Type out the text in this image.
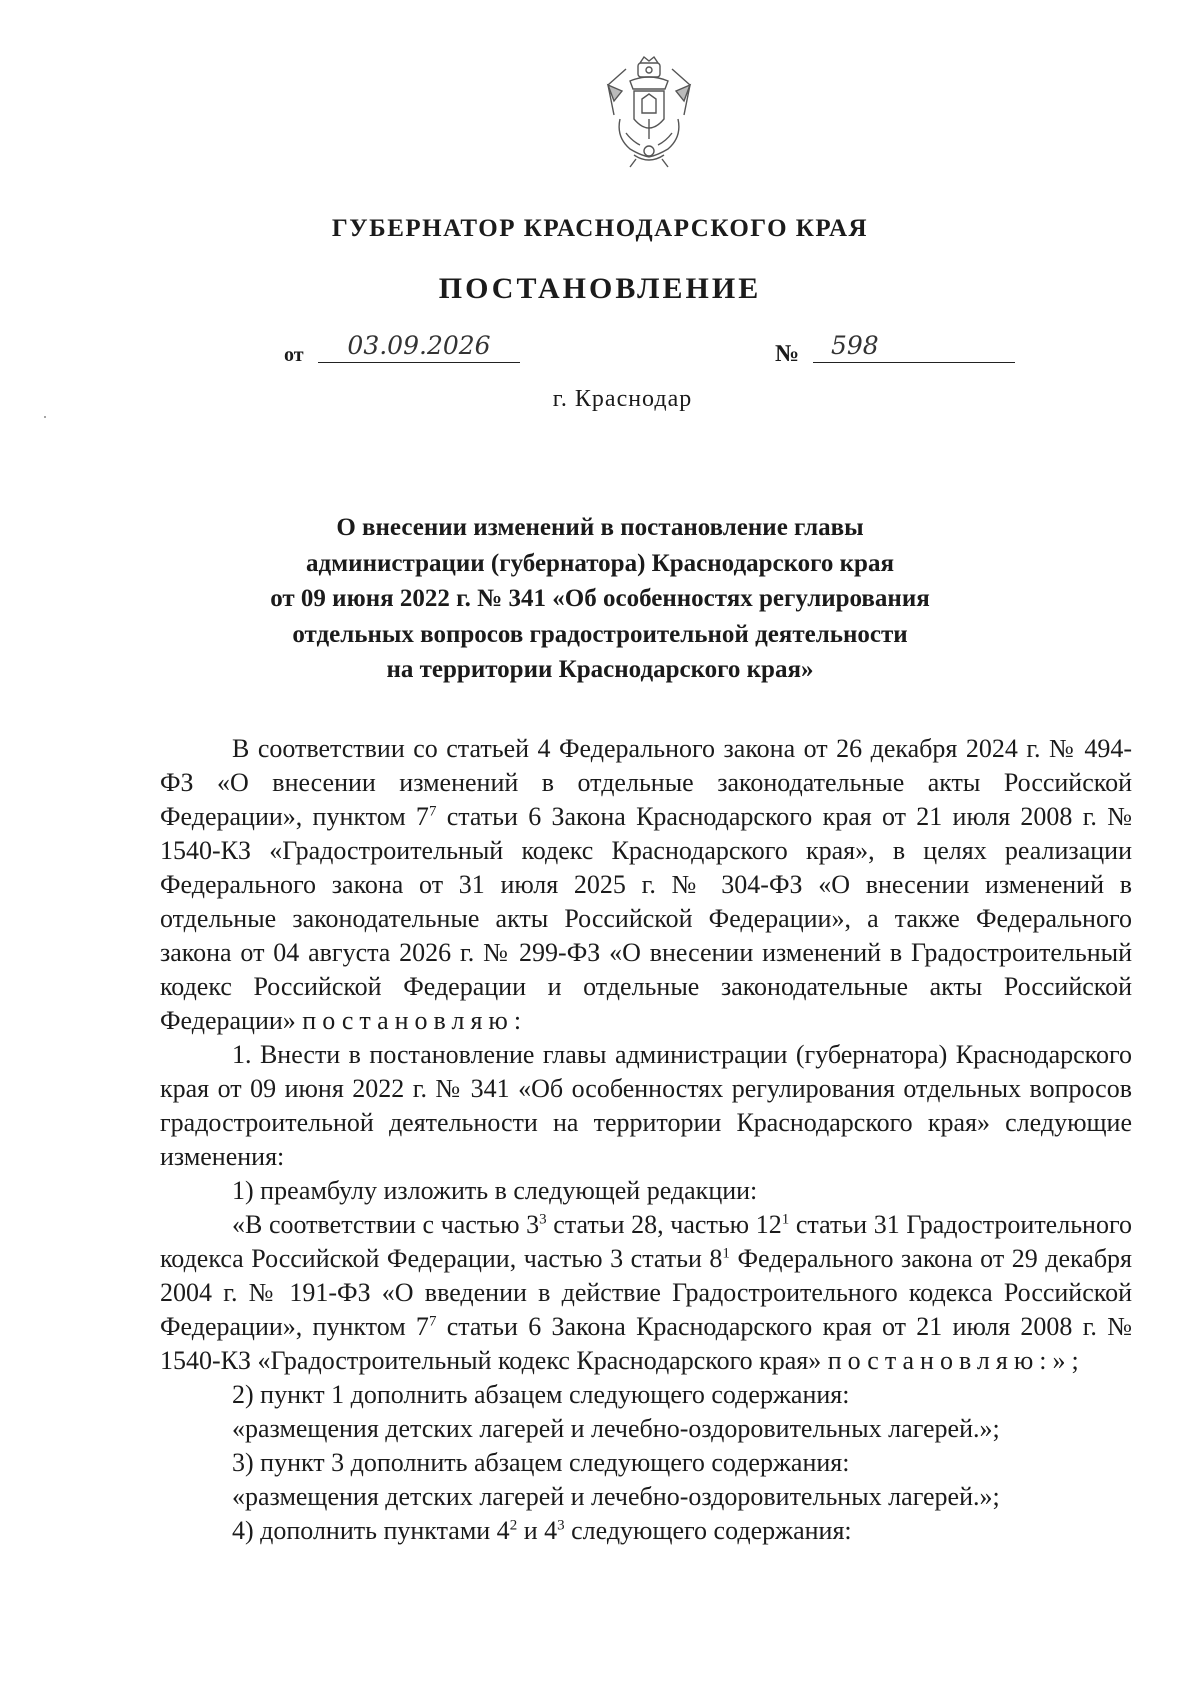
ГУБЕРНАТОР КРАСНОДАРСКОГО КРАЯ
ПОСТАНОВЛЕНИЕ
от	03.09.2026	№	598
г. Краснодар
О внесении изменений в постановление главы
администрации (губернатора) Краснодарского края
от 09 июня 2022 г. № 341 «Об особенностях регулирования
отдельных вопросов градостроительной деятельности
на территории Краснодарского края»

В соответствии со статьей 4 Федерального закона от 26 декабря 2024 г. № 494-ФЗ «О внесении изменений в отдельные законодательные акты Российской Федерации», пунктом $7^7$ статьи 6 Закона Краснодарского края от 21 июля 2008 г. № 1540-КЗ «Градостроительный кодекс Краснодарского края», в целях реализации Федерального закона от 31 июля 2025 г. № 304-ФЗ «О внесении изменений в отдельные законодательные акты Российской Федерации», а также Федерального закона от 04 августа 2026 г. № 299-ФЗ «О внесении изменений в Градостроительный кодекс Российской Федерации и отдельные законодательные акты Российской Федерации» постановляю:

1. Внести в постановление главы администрации (губернатора) Краснодарского края от 09 июня 2022 г. № 341 «Об особенностях регулирования отдельных вопросов градостроительной деятельности на территории Краснодарского края» следующие изменения:

1) преамбулу изложить в следующей редакции:

«В соответствии с частью $3^3$ статьи 28, частью $12^1$ статьи 31 Градостроительного кодекса Российской Федерации, частью 3 статьи $8^1$ Федерального закона от 29 декабря 2004 г. № 191-ФЗ «О введении в действие Градостроительного кодекса Российской Федерации», пунктом $7^7$ статьи 6 Закона Краснодарского края от 21 июля 2008 г. № 1540-КЗ «Градостроительный кодекс Краснодарского края» постановляю:»;

2) пункт 1 дополнить абзацем следующего содержания:

«размещения детских лагерей и лечебно-оздоровительных лагерей.»;

3) пункт 3 дополнить абзацем следующего содержания:

«размещения детских лагерей и лечебно-оздоровительных лагерей.»;

4) дополнить пунктами $4^2$ и $4^3$ следующего содержания:
